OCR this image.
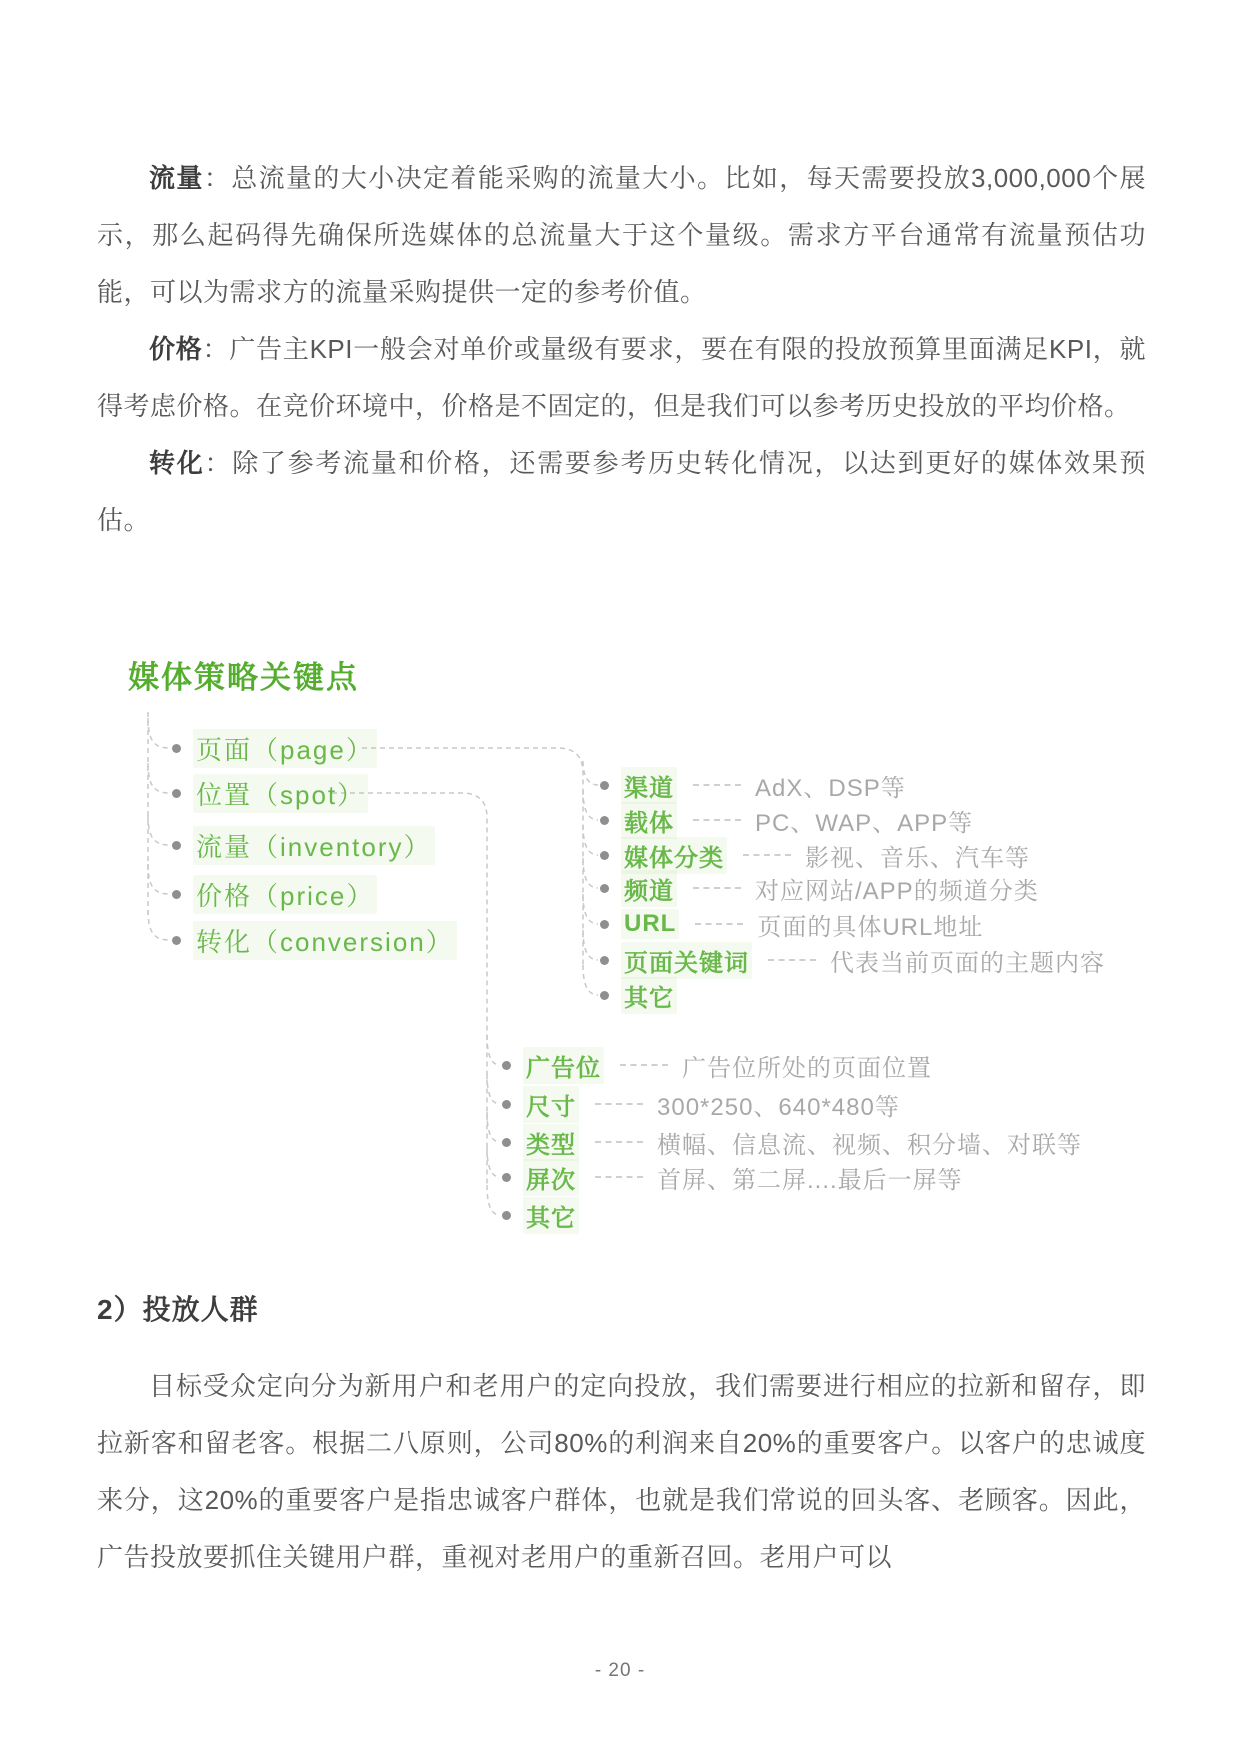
流量：总流量的大小决定着能采购的流量大小。比如，每天需要投放3,000,000个展示，那么起码得先确保所选媒体的总流量大于这个量级。需求方平台通常有流量预估功能，可以为需求方的流量采购提供一定的参考价值。

价格：广告主KPI一般会对单价或量级有要求，要在有限的投放预算里面满足KPI，就得考虑价格。在竞价环境中，价格是不固定的，但是我们可以参考历史投放的平均价格。

转化：除了参考流量和价格，还需要参考历史转化情况，以达到更好的媒体效果预估。

媒体策略关键点
页面（page）
位置（spot）
流量（inventory）
价格（price）
转化（conversion）
渠道	AdX、DSP等
载体	PC、WAP、APP等
媒体分类	影视、音乐、汽车等
频道	对应网站/APP的频道分类
URL	页面的具体URL地址
页面关键词	代表当前页面的主题内容
其它
广告位	广告位所处的页面位置
尺寸	300*250、640*480等
类型	横幅、信息流、视频、积分墙、对联等
屏次	首屏、第二屏....最后一屏等
其它
2）投放人群

目标受众定向分为新用户和老用户的定向投放，我们需要进行相应的拉新和留存，即拉新客和留老客。根据二八原则，公司80%的利润来自20%的重要客户。以客户的忠诚度来分，这20%的重要客户是指忠诚客户群体，也就是我们常说的回头客、老顾客。因此，广告投放要抓住关键用户群，重视对老用户的重新召回。老用户可以

- 20 -
